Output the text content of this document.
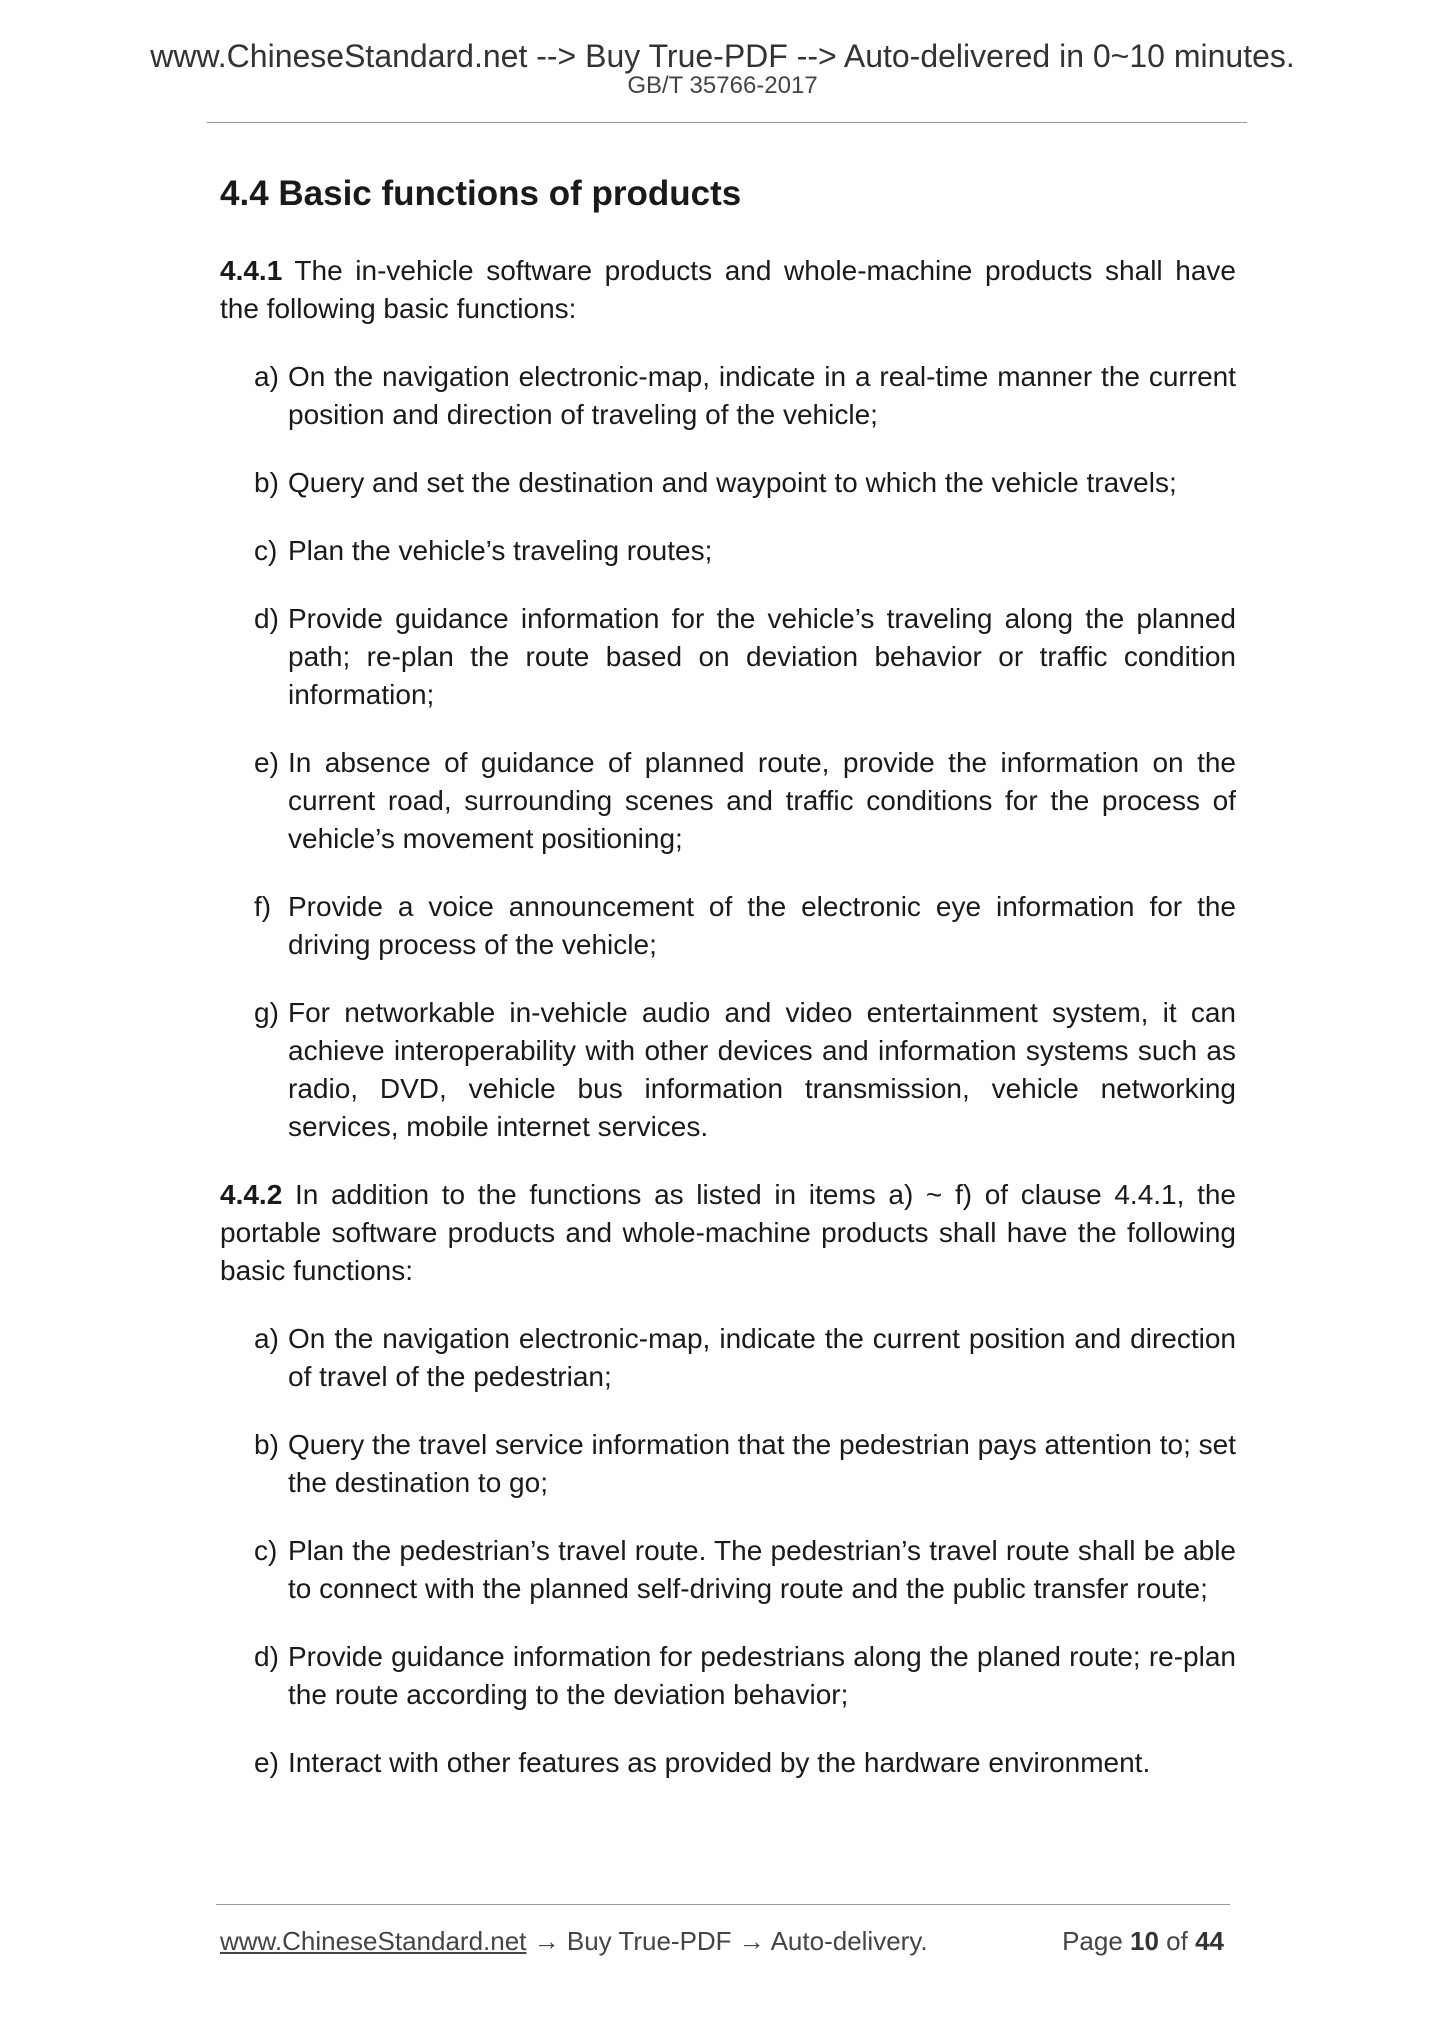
www.ChineseStandard.net --> Buy True-PDF --> Auto-delivered in 0~10 minutes.
GB/T 35766-2017
4.4 Basic functions of products

4.4.1 The in-vehicle software products and whole-machine products shall have the following basic functions:

a) On the navigation electronic-map, indicate in a real-time manner the current position and direction of traveling of the vehicle;
b) Query and set the destination and waypoint to which the vehicle travels;
c) Plan the vehicle’s traveling routes;
d) Provide guidance information for the vehicle’s traveling along the planned path; re-plan the route based on deviation behavior or traffic condition information;
e) In absence of guidance of planned route, provide the information on the current road, surrounding scenes and traffic conditions for the process of vehicle’s movement positioning;
f) Provide a voice announcement of the electronic eye information for the driving process of the vehicle;
g) For networkable in-vehicle audio and video entertainment system, it can achieve interoperability with other devices and information systems such as radio, DVD, vehicle bus information transmission, vehicle networking services, mobile internet services.

4.4.2 In addition to the functions as listed in items a) ~ f) of clause 4.4.1, the portable software products and whole-machine products shall have the following basic functions:

a) On the navigation electronic-map, indicate the current position and direction of travel of the pedestrian;
b) Query the travel service information that the pedestrian pays attention to; set the destination to go;
c) Plan the pedestrian’s travel route. The pedestrian’s travel route shall be able to connect with the planned self-driving route and the public transfer route;
d) Provide guidance information for pedestrians along the planed route; re-plan the route according to the deviation behavior;
e) Interact with other features as provided by the hardware environment.
www.ChineseStandard.net → Buy True-PDF → Auto-delivery.	Page 10 of 44
